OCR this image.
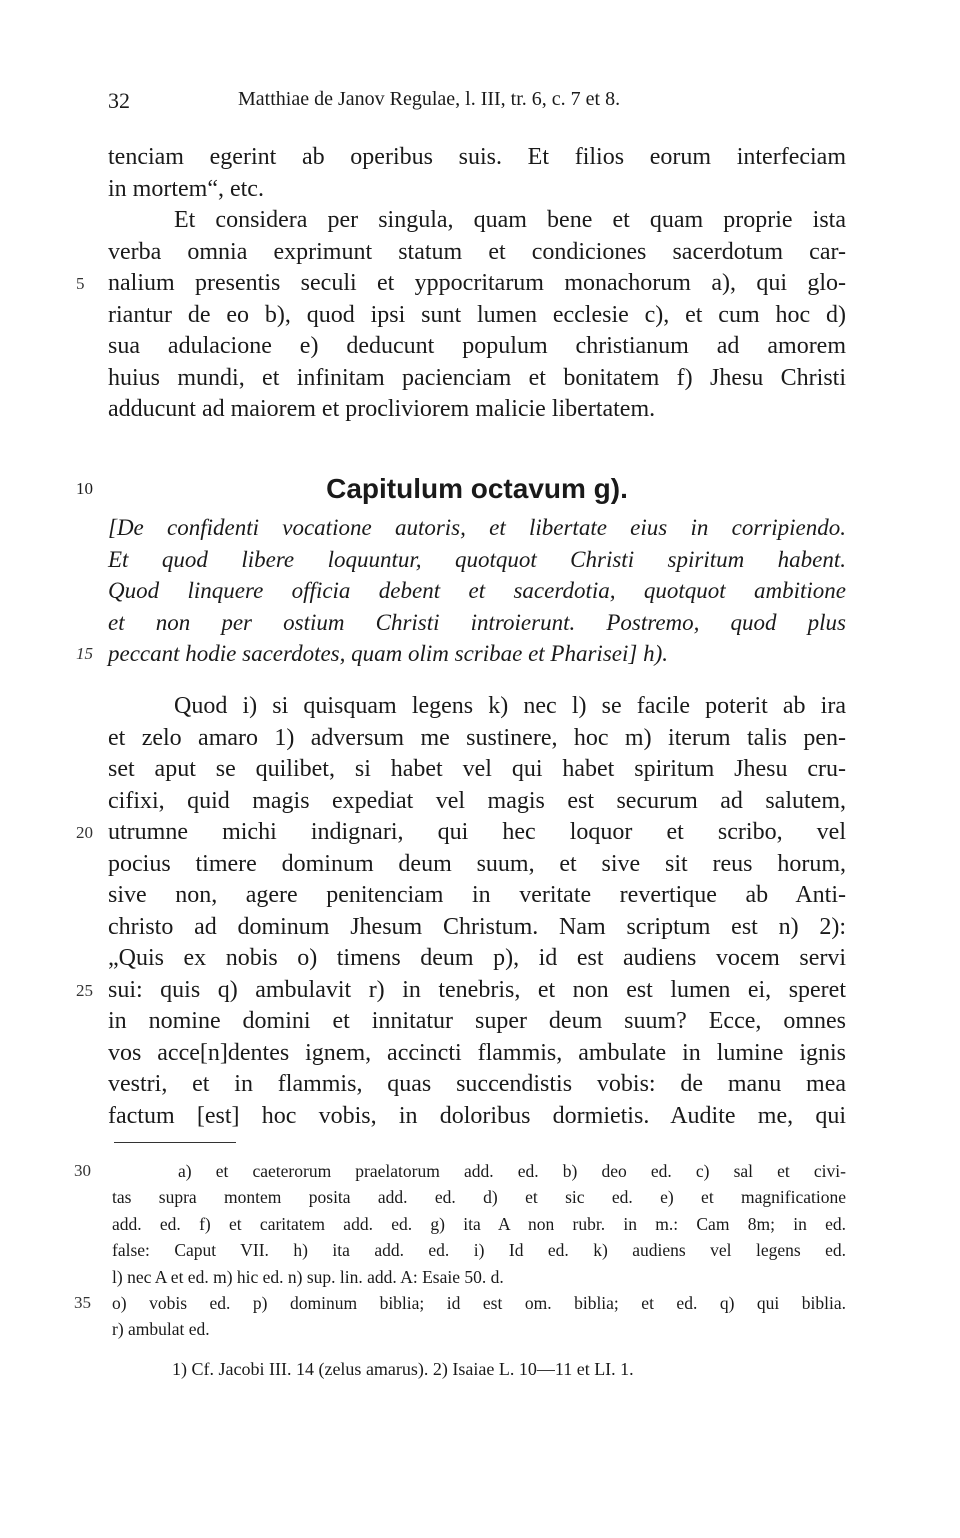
32	Matthiae de Janov Regulae, l. III, tr. 6, c. 7 et 8.
tenciam egerint ab operibus suis. Et filios eorum interfeciam
in mortem“, etc.
Et considera per singula, quam bene et quam proprie ista
verba omnia exprimunt statum et condiciones sacerdotum car-
5 nalium presentis seculi et yppocritarum monachorum a), qui glo-
riantur de eo b), quod ipsi sunt lumen ecclesie c), et cum hoc d)
sua adulacione e) deducunt populum christianum ad amorem
huius mundi, et infinitam pacienciam et bonitatem f) Jhesu Christi
adducunt ad maiorem et procliviorem malicie libertatem.
10	Capitulum octavum g).
[De confidenti vocatione autoris, et libertate eius in corripiendo.
Et quod libere loquuntur, quotquot Christi spiritum habent.
Quod linquere officia debent et sacerdotia, quotquot ambitione
et non per ostium Christi introierunt. Postremo, quod plus
15 peccant hodie sacerdotes, quam olim scribae et Pharisei] h).
Quod i) si quisquam legens k) nec l) se facile poterit ab ira
et zelo amaro 1) adversum me sustinere, hoc m) iterum talis pen-
set aput se quilibet, si habet vel qui habet spiritum Jhesu cru-
cifixi, quid magis expediat vel magis est securum ad salutem,
20 utrumne michi indignari, qui hec loquor et scribo, vel
pocius timere dominum deum suum, et sive sit reus horum,
sive non, agere penitenciam in veritate revertique ab Anti-
christo ad dominum Jhesum Christum. Nam scriptum est n) 2):
„Quis ex nobis o) timens deum p), id est audiens vocem servi
25 sui: quis q) ambulavit r) in tenebris, et non est lumen ei, speret
in nomine domini et innitatur super deum suum? Ecce, omnes
vos acce[n]dentes ignem, accincti flammis, ambulate in lumine ignis
vestri, et in flammis, quas succendistis vobis: de manu mea
factum [est] hoc vobis, in doloribus dormietis. Audite me, qui
30	a) et caeterorum praelatorum add. ed. b) deo ed. c) sal et civi-
tas supra montem posita add. ed. d) et sic ed. e) et magnificatione
add. ed. f) et caritatem add. ed. g) ita A non rubr. in m.: Cam 8m; in ed.
false: Caput VII. h) ita add. ed. i) Id ed. k) audiens vel legens ed.
l) nec A et ed. m) hic ed. n) sup. lin. add. A: Esaie 50. d.
35	o) vobis ed. p) dominum biblia; id est om. biblia; et ed. q) qui biblia.
r) ambulat ed.
1) Cf. Jacobi III. 14 (zelus amarus). 2) Isaiae L. 10—11 et LI. 1.
